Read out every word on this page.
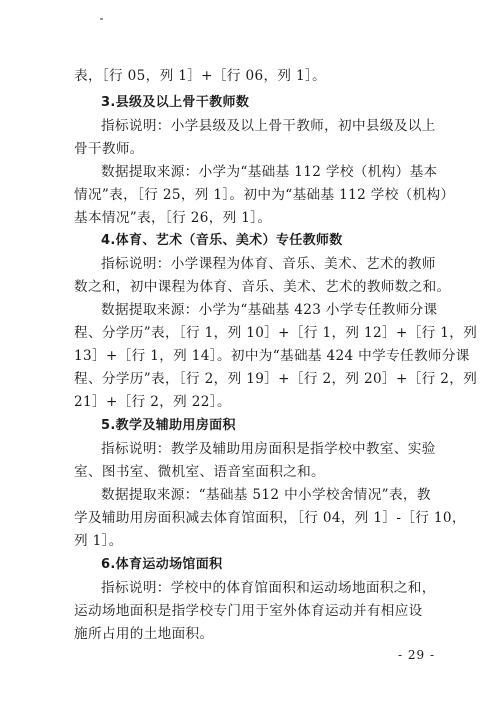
表，［行 05，列 1］+［行 06，列 1］。
3.县级及以上骨干教师数
指标说明：小学县级及以上骨干教师，初中县级及以上
骨干教师。
数据提取来源：小学为“基础基 112 学校（机构）基本
情况”表，［行 25，列 1］。初中为“基础基 112 学校（机构）
基本情况”表，［行 26，列 1］。
4.体育、艺术（音乐、美术）专任教师数
指标说明：小学课程为体育、音乐、美术、艺术的教师
数之和，初中课程为体育、音乐、美术、艺术的教师数之和。
数据提取来源：小学为“基础基 423 小学专任教师分课
程、分学历”表，［行 1，列 10］+［行 1，列 12］+［行 1，列
13］+［行 1，列 14］。初中为“基础基 424 中学专任教师分课
程、分学历”表，［行 2，列 19］+［行 2，列 20］+［行 2，列
21］+［行 2，列 22］。
5.教学及辅助用房面积
指标说明：教学及辅助用房面积是指学校中教室、实验
室、图书室、微机室、语音室面积之和。
数据提取来源：“基础基 512 中小学校舍情况”表，教
学及辅助用房面积减去体育馆面积，［行 04，列 1］-［行 10，
列 1］。
6.体育运动场馆面积
指标说明：学校中的体育馆面积和运动场地面积之和，
运动场地面积是指学校专门用于室外体育运动并有相应设
施所占用的土地面积。
- 29 -
